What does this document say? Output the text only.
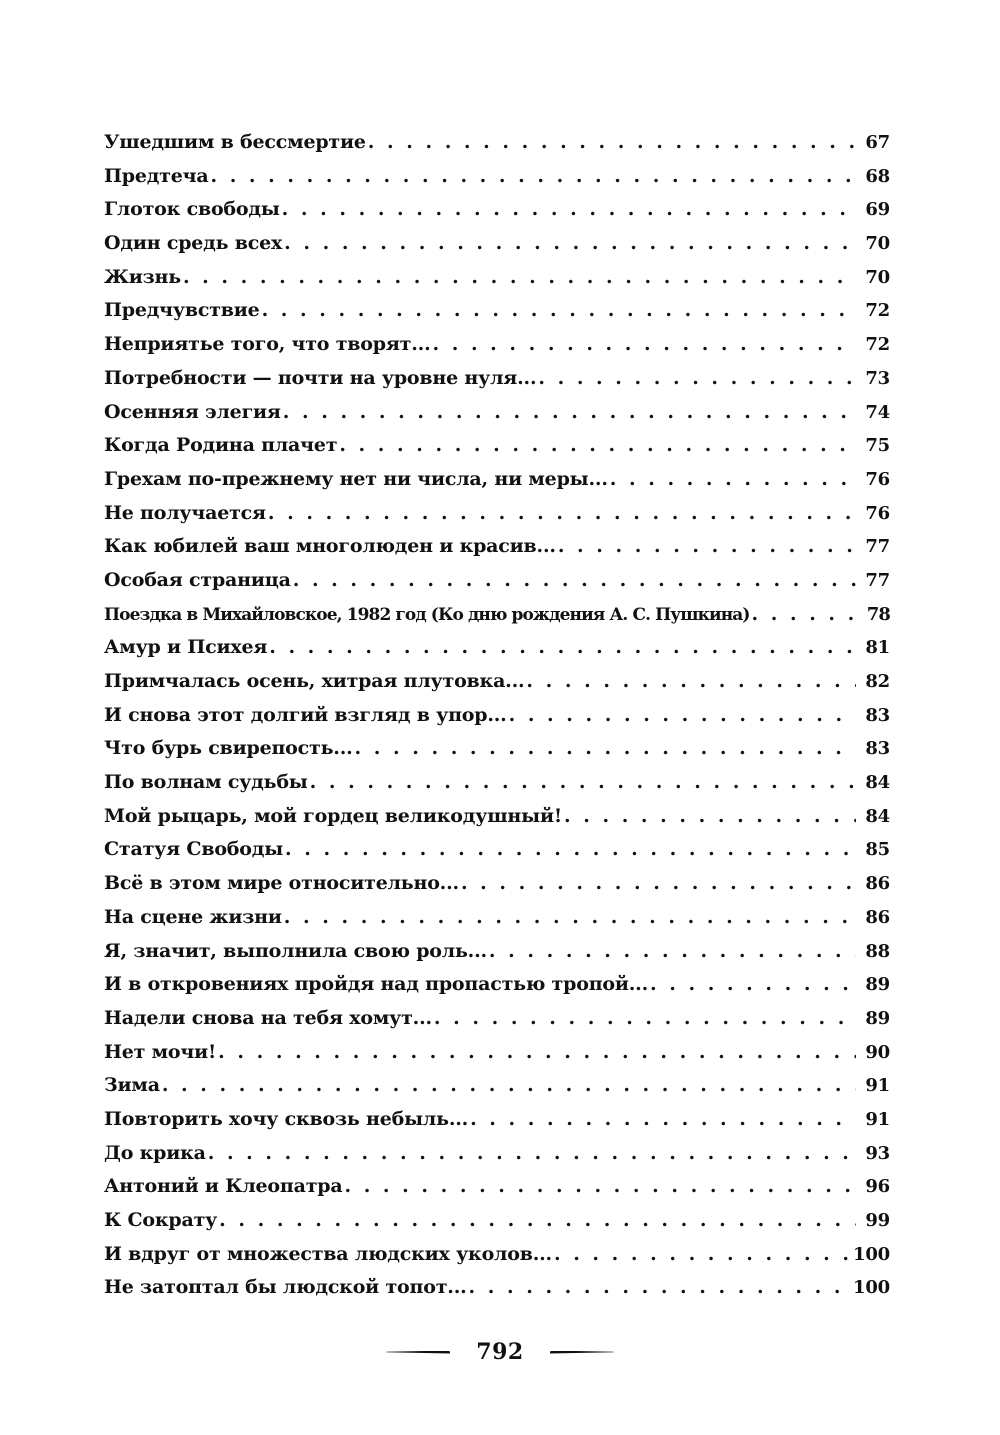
Ушедшим в бессмертие . . .	67
Предтеча . . .	68
Глоток свободы . . .	69
Один средь всех . . .	70
Жизнь . . .	70
Предчувствие . . .	72
Неприятье того, что творят... . . .	72
Потребности — почти на уровне нуля... . . .	73
Осенняя элегия . . .	74
Когда Родина плачет . . .	75
Грехам по-прежнему нет ни числа, ни меры... . . .	76
Не получается . . .	76
Как юбилей ваш многолюден и красив... . . .	77
Особая страница . . .	77
Поездка в Михайловское, 1982 год (Ко дню рождения А. С. Пушкина) . . .	78
Амур и Психея . . .	81
Примчалась осень, хитрая плутовка... . . .	82
И снова этот долгий взгляд в упор... . . .	83
Что бурь свирепость... . . .	83
По волнам судьбы . . .	84
Мой рыцарь, мой гордец великодушный! . . .	84
Статуя Свободы . . .	85
Всё в этом мире относительно... . . .	86
На сцене жизни . . .	86
Я, значит, выполнила свою роль... . . .	88
И в откровениях пройдя над пропастью тропой... . . .	89
Надели снова на тебя хомут... . . .	89
Нет мочи! . . .	90
Зима . . .	91
Повторить хочу сквозь небыль... . . .	91
До крика . . .	93
Антоний и Клеопатра . . .	96
К Сократу . . .	99
И вдруг от множества людских уколов... . . .	100
Не затоптал бы людской топот... . . .	100
792
